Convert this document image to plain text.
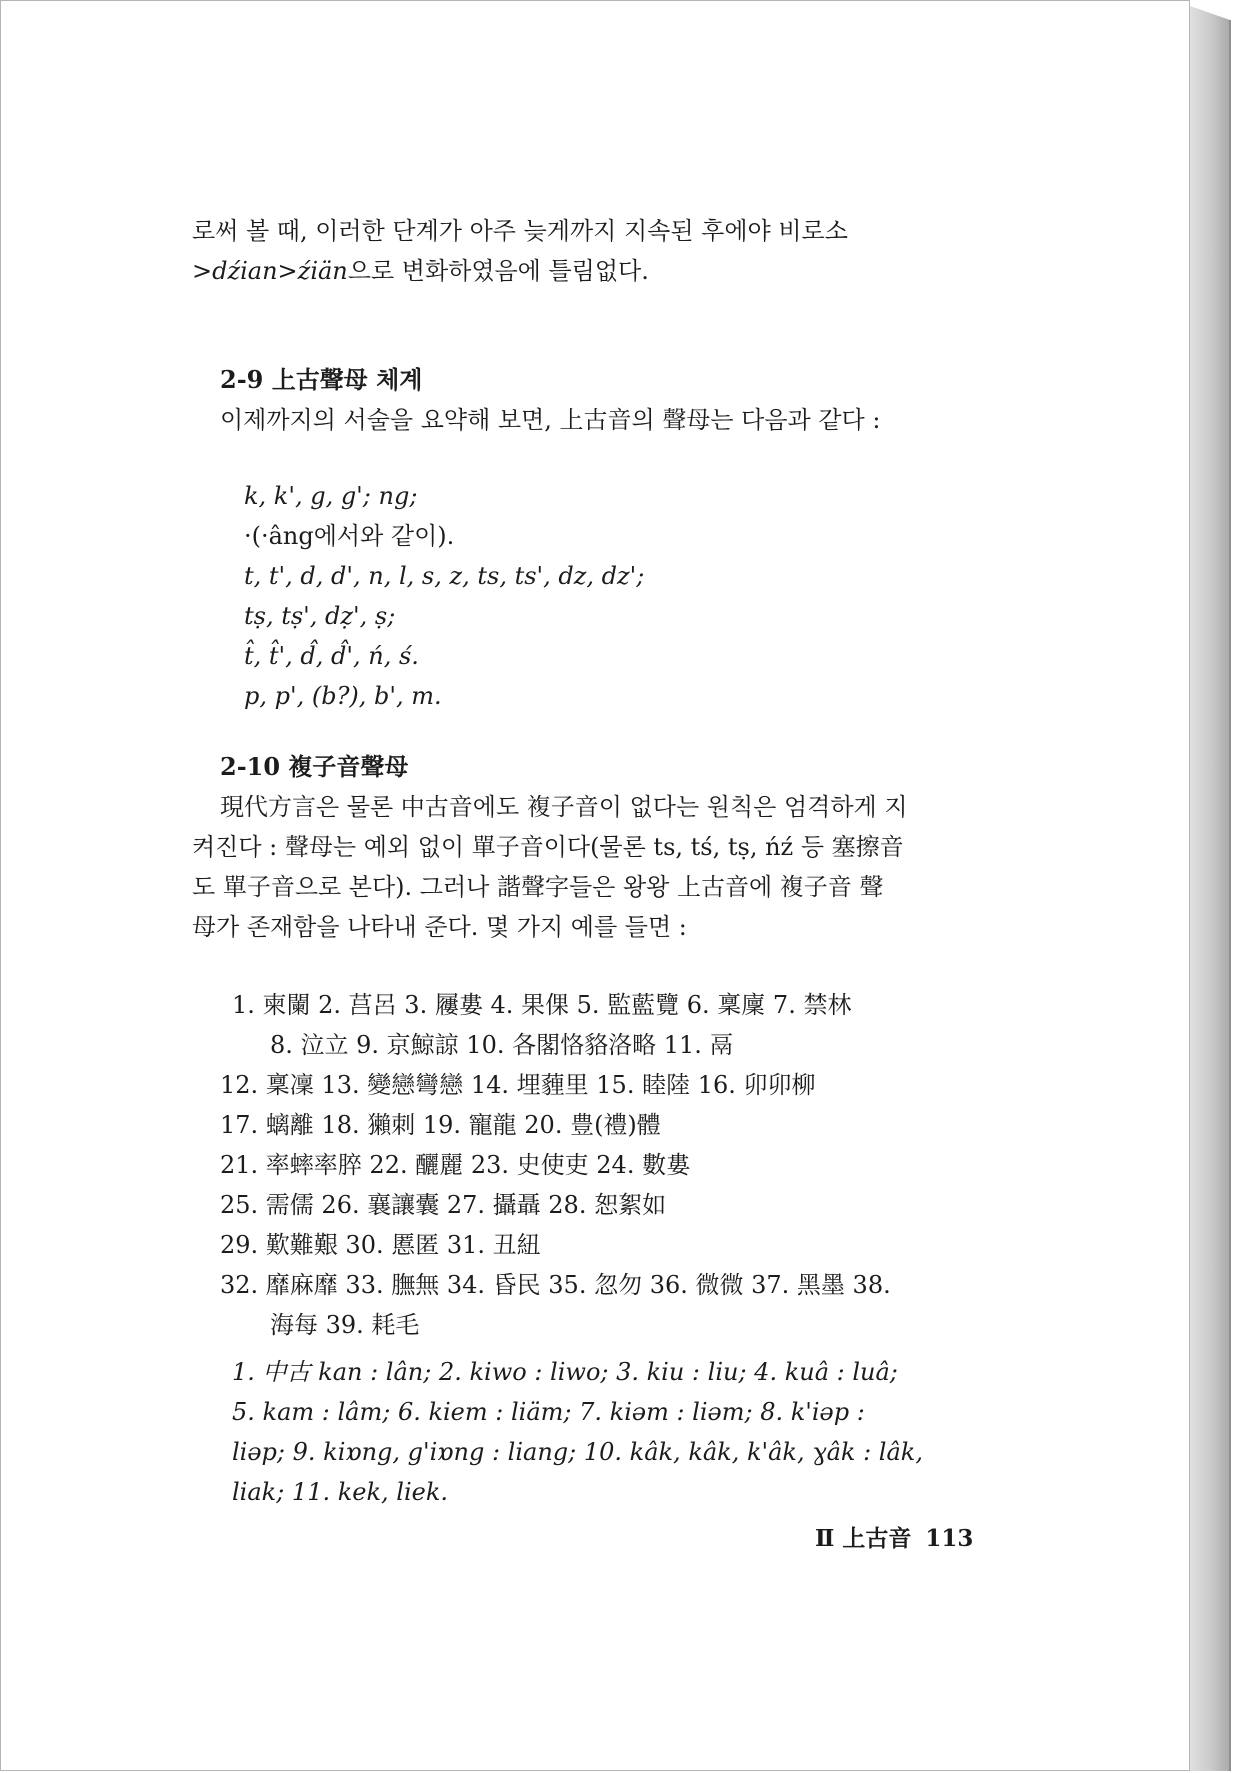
로써 볼 때, 이러한 단계가 아주 늦게까지 지속된 후에야 비로소
>dźian>źiän으로 변화하였음에 틀림없다.
2-9 上古聲母 체계
이제까지의 서술을 요약해 보면, 上古音의 聲母는 다음과 같다 :
k, k', g, g'; ng;
·(·âng에서와 같이).
t, t', d, d', n, l, s, z, ts, ts', dz, dz';
tṣ, tṣ', dẓ', ṣ;
t̂, t̂', d̂, d̂', ń, ś.
p, p', (b?), b', m.
2-10 複子音聲母
現代方言은 물론 中古音에도 複子音이 없다는 원칙은 엄격하게 지
켜진다 : 聲母는 예외 없이 單子音이다(물론 ts, tś, tṣ, ńź 등 塞擦音
도 單子音으로 본다). 그러나 諧聲字들은 왕왕 上古音에 複子音 聲
母가 존재함을 나타내 준다. 몇 가지 예를 들면 :
1. 柬闌 2. 莒呂 3. 屨婁 4. 果倮 5. 監藍覽 6. 稟廩 7. 禁林
8. 泣立 9. 京鯨諒 10. 各閣恪貉洛略 11. 鬲
12. 稟凜 13. 變戀彎戀 14. 埋薶里 15. 睦陸 16. 卯卯柳
17. 螭離 18. 獺刺 19. 寵龍 20. 豊(禮)體
21. 率蟀率脺 22. 釃麗 23. 史使吏 24. 數婁
25. 需儒 26. 襄讓囊 27. 攝聶 28. 恕絮如
29. 歎難艱 30. 慝匿 31. 丑紐
32. 靡麻靡 33. 膴無 34. 昏民 35. 忽勿 36. 微微 37. 黑墨 38.
海每 39. 耗毛
1. 中古 kan : lân; 2. kiwo : liwo; 3. kiu : liu; 4. kuâ : luâ;
5. kam : lâm; 6. kiem : liäm; 7. kiəm : liəm; 8. k'iəp :
liəp; 9. kiɒng, g'iɒng : liang; 10. kâk, kâk, k'âk, ɣâk : lâk,
liak; 11. kek, liek.
Ⅱ 上古音 113
